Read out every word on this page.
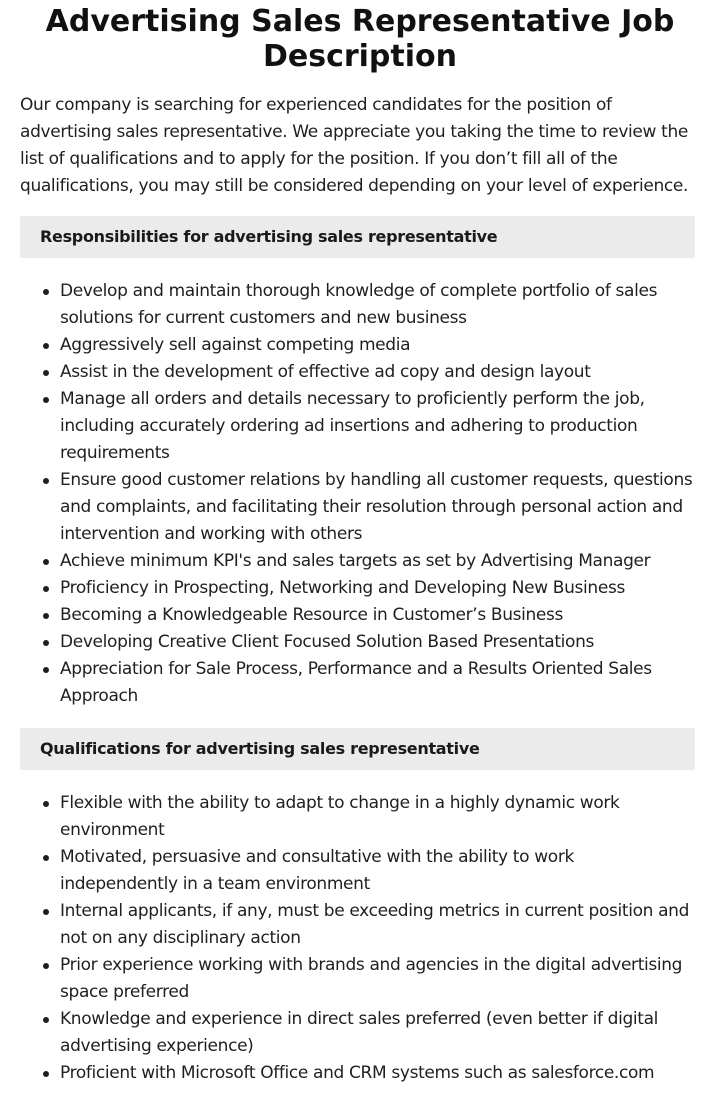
Advertising Sales Representative Job Description

Our company is searching for experienced candidates for the position of advertising sales representative. We appreciate you taking the time to review the list of qualifications and to apply for the position. If you don’t fill all of the qualifications, you may still be considered depending on your level of experience.

Responsibilities for advertising sales representative
Develop and maintain thorough knowledge of complete portfolio of sales solutions for current customers and new business
Aggressively sell against competing media
Assist in the development of effective ad copy and design layout
Manage all orders and details necessary to proficiently perform the job, including accurately ordering ad insertions and adhering to production requirements
Ensure good customer relations by handling all customer requests, questions and complaints, and facilitating their resolution through personal action and intervention and working with others
Achieve minimum KPI's and sales targets as set by Advertising Manager
Proficiency in Prospecting, Networking and Developing New Business
Becoming a Knowledgeable Resource in Customer’s Business
Developing Creative Client Focused Solution Based Presentations
Appreciation for Sale Process, Performance and a Results Oriented Sales Approach
Qualifications for advertising sales representative
Flexible with the ability to adapt to change in a highly dynamic work environment
Motivated, persuasive and consultative with the ability to work independently in a team environment
Internal applicants, if any, must be exceeding metrics in current position and not on any disciplinary action
Prior experience working with brands and agencies in the digital advertising space preferred
Knowledge and experience in direct sales preferred (even better if digital advertising experience)
Proficient with Microsoft Office and CRM systems such as salesforce.com
